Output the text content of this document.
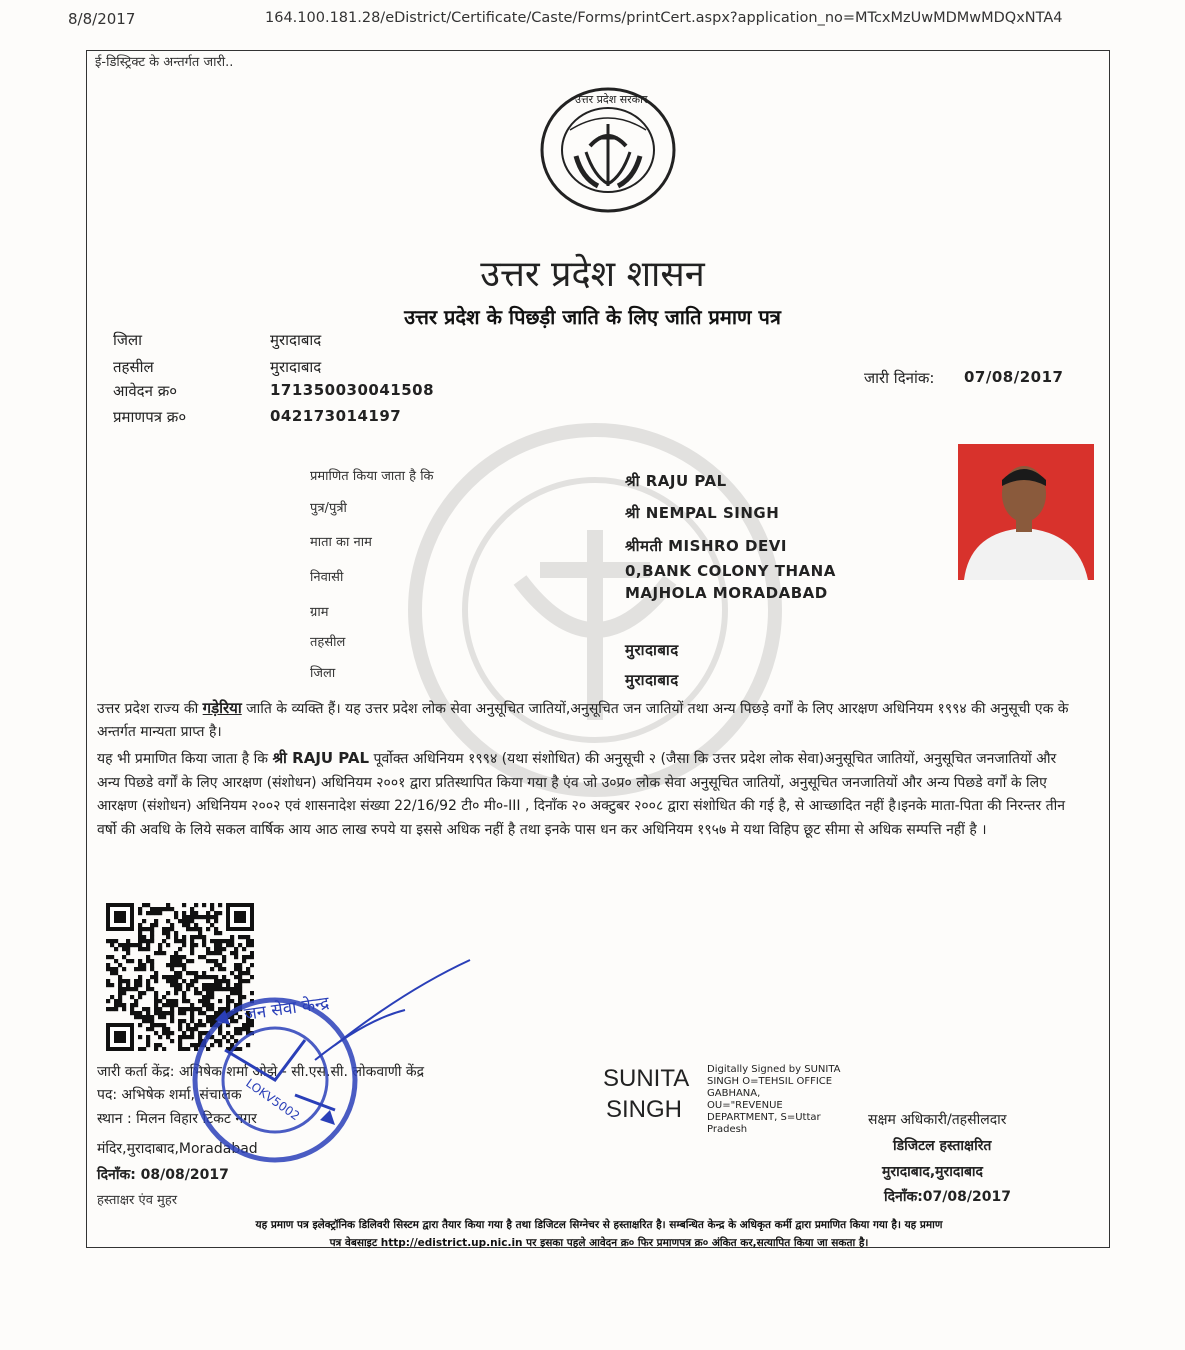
8/8/2017	164.100.181.28/eDistrict/Certificate/Caste/Forms/printCert.aspx?application_no=MTcxMzUwMDMwMDQxNTA4
ई-डिस्ट्रिक्ट के अन्तर्गत जारी..
उत्तर प्रदेश सरकार
उत्तर प्रदेश शासन
उत्तर प्रदेश के पिछड़ी जाति के लिए जाति प्रमाण पत्र
जिला	मुरादाबाद
तहसील	मुरादाबाद
आवेदन क्र०	171350030041508
प्रमाणपत्र क्र०	042173014197
जारी दिनांक: 07/08/2017
प्रमाणित किया जाता है कि	श्री RAJU PAL
पुत्र/पुत्री	श्री NEMPAL SINGH
माता का नाम	श्रीमती MISHRO DEVI
निवासी	0,BANK COLONY THANA
MAJHOLA MORADABAD
ग्राम
तहसील	मुरादाबाद
जिला	मुरादाबाद
उत्तर प्रदेश राज्य की गड़ेरिया जाति के व्यक्ति हैं। यह उत्तर प्रदेश लोक सेवा अनुसूचित जातियों,अनुसूचित जन जातियों तथा अन्य पिछड़े वर्गों के लिए आरक्षण अधिनियम १९९४ की अनुसूची एक के अन्तर्गत मान्यता प्राप्त है।
यह भी प्रमाणित किया जाता है कि श्री RAJU PAL पूर्वोक्त अधिनियम १९९४ (यथा संशोधित) की अनुसूची २ (जैसा कि उत्तर प्रदेश लोक सेवा)अनुसूचित जातियों, अनुसूचित जनजातियों और अन्य पिछडे वर्गों के लिए आरक्षण (संशोधन) अधिनियम २००१ द्वारा प्रतिस्थापित किया गया है एंव जो उ०प्र० लोक सेवा अनुसूचित जातियों, अनुसूचित जनजातियों और अन्य पिछडे वर्गों के लिए आरक्षण (संशोधन) अधिनियम २००२ एवं शासनादेश संख्या 22/16/92 टी० मी०-III , दिनाँक २० अक्टुबर २००८ द्वारा संशोधित की गई है, से आच्छादित नहीं है।इनके माता-पिता की निरन्तर तीन वर्षो की अवधि के लिये सकल वार्षिक आय आठ लाख रुपये या इससे अधिक नहीं है तथा इनके पास धन कर अधिनियम १९५७ मे यथा विहिप छूट सीमा से अधिक सम्पत्ति नहीं है ।
जारी कर्ता केंद्र: अभिषेक शर्मा ओझे - सी.एस.सी. लोकवाणी केंद्र
पद: अभिषेक शर्मा, संचालक
स्थान : मिलन विहार टिकट नगर
मंदिर,मुरादाबाद,Moradabad
दिनाँक: 08/08/2017
हस्ताक्षर एंव मुहर
जन सेवा केन्द्र
LOKV5002	SUNITA
SINGH
Digitally Signed by SUNITA
SINGH O=TEHSIL OFFICE
GABHANA,
OU="REVENUE
DEPARTMENT, S=Uttar
Pradesh
सक्षम अधिकारी/तहसीलदार
डिजिटल हस्ताक्षरित
मुरादाबाद,मुरादाबाद
दिनाँक:07/08/2017
यह प्रमाण पत्र इलेक्ट्रॉनिक डिलिवरी सिस्टम द्वारा तैयार किया गया है तथा डिजिटल सिग्नेचर से हस्ताक्षरित है। सम्बन्धित केन्द्र के अधिकृत कर्मी द्वारा प्रमाणित किया गया है। यह प्रमाण
पत्र वेबसाइट http://edistrict.up.nic.in पर इसका पहले आवेदन क्र० फिर प्रमाणपत्र क्र० अंकित कर,सत्यापित किया जा सकता है।
